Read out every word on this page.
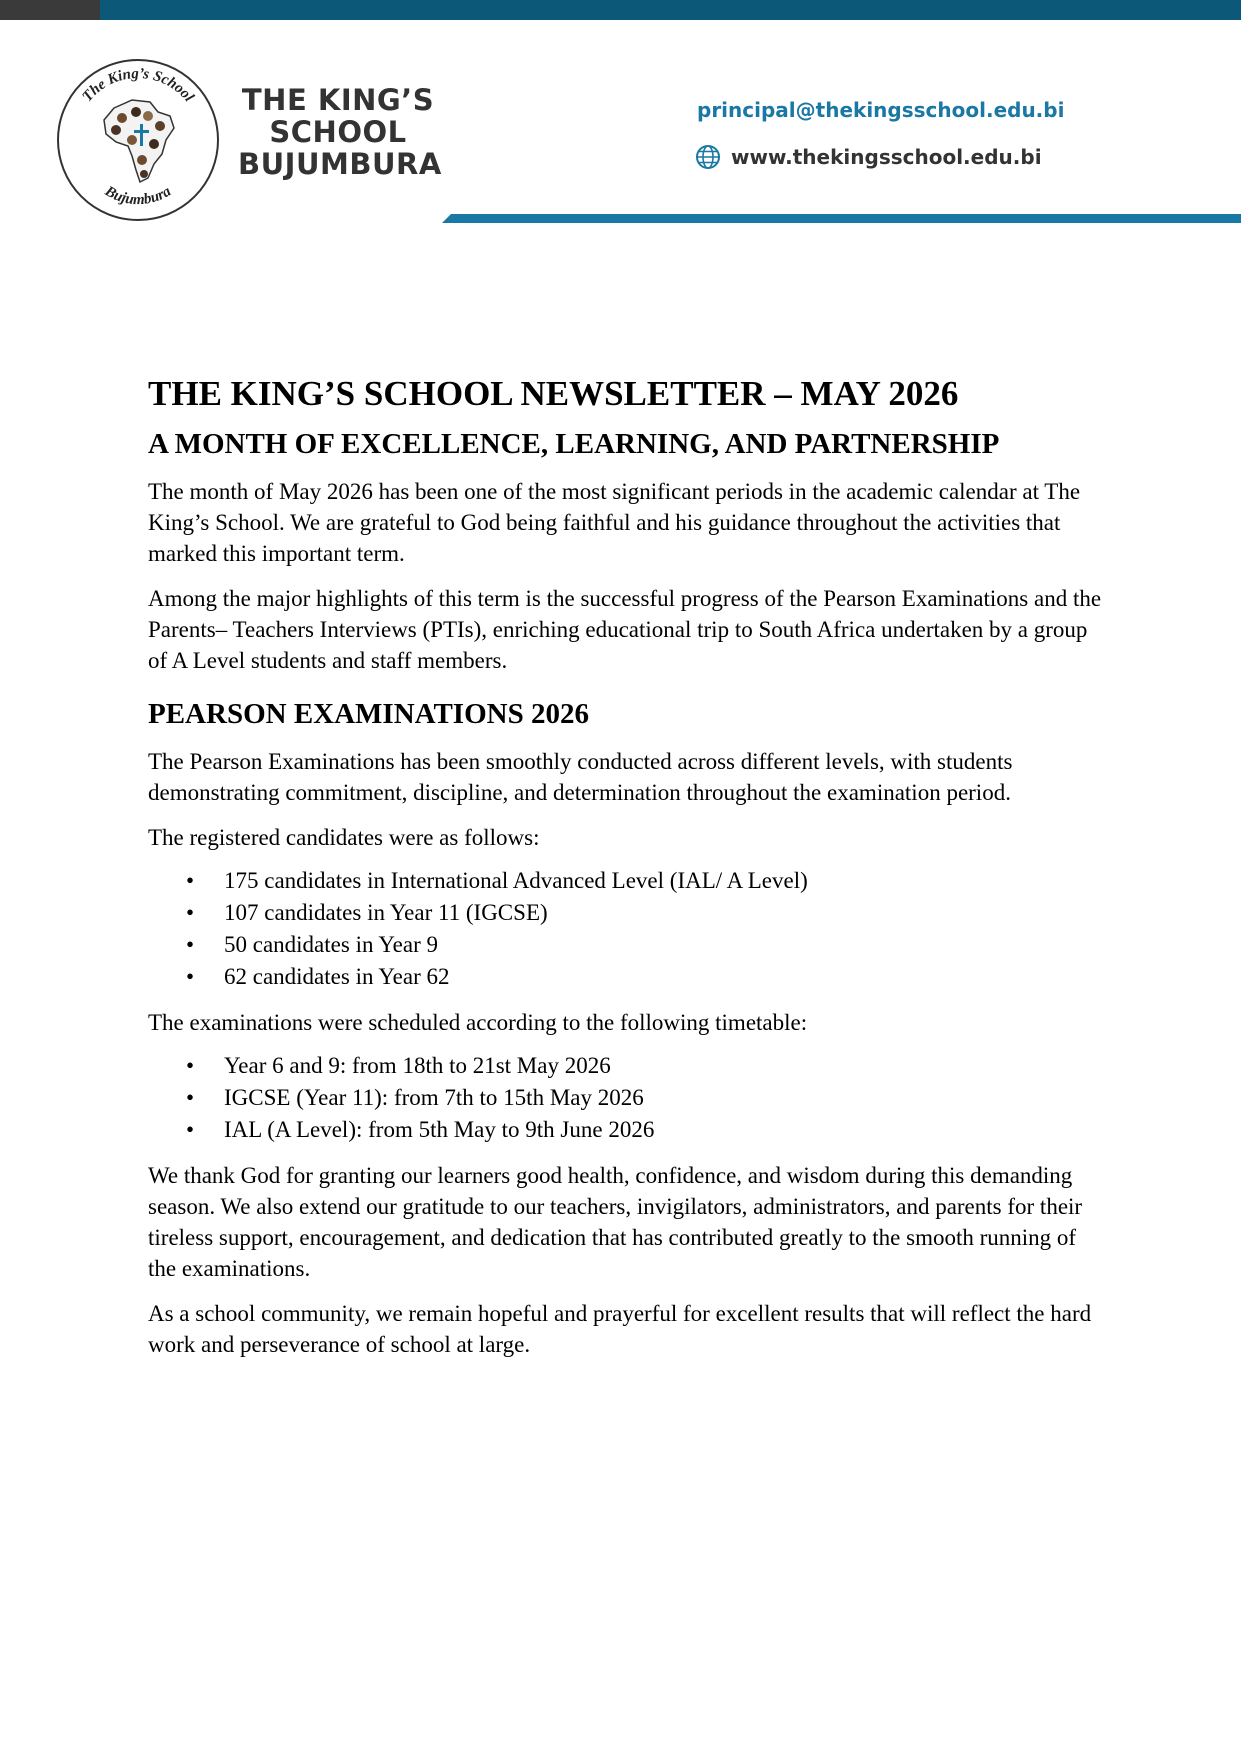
The King’s School
Bujumbura
THE KING’S
SCHOOL
BUJUMBURA
principal@thekingsschool.edu.bi
www.thekingsschool.edu.bi
THE KING’S SCHOOL NEWSLETTER – MAY 2026
A MONTH OF EXCELLENCE, LEARNING, AND PARTNERSHIP

The month of May 2026 has been one of the most significant periods in the academic calendar at The King’s School. We are grateful to God being faithful and his guidance throughout the activities that marked this important term.

Among the major highlights of this term is the successful progress of the Pearson Examinations and the Parents– Teachers Interviews (PTIs), enriching educational trip to South Africa undertaken by a group of A Level students and staff members.

PEARSON EXAMINATIONS 2026

The Pearson Examinations has been smoothly conducted across different levels, with students demonstrating commitment, discipline, and determination throughout the examination period.

The registered candidates were as follows:

• 175 candidates in International Advanced Level (IAL/ A Level)
• 107 candidates in Year 11 (IGCSE)
• 50 candidates in Year 9
• 62 candidates in Year 62

The examinations were scheduled according to the following timetable:

• Year 6 and 9: from 18th to 21st May 2026
• IGCSE (Year 11): from 7th to 15th May 2026
• IAL (A Level): from 5th May to 9th June 2026

We thank God for granting our learners good health, confidence, and wisdom during this demanding season. We also extend our gratitude to our teachers, invigilators, administrators, and parents for their tireless support, encouragement, and dedication that has contributed greatly to the smooth running of the examinations.

As a school community, we remain hopeful and prayerful for excellent results that will reflect the hard work and perseverance of school at large.
